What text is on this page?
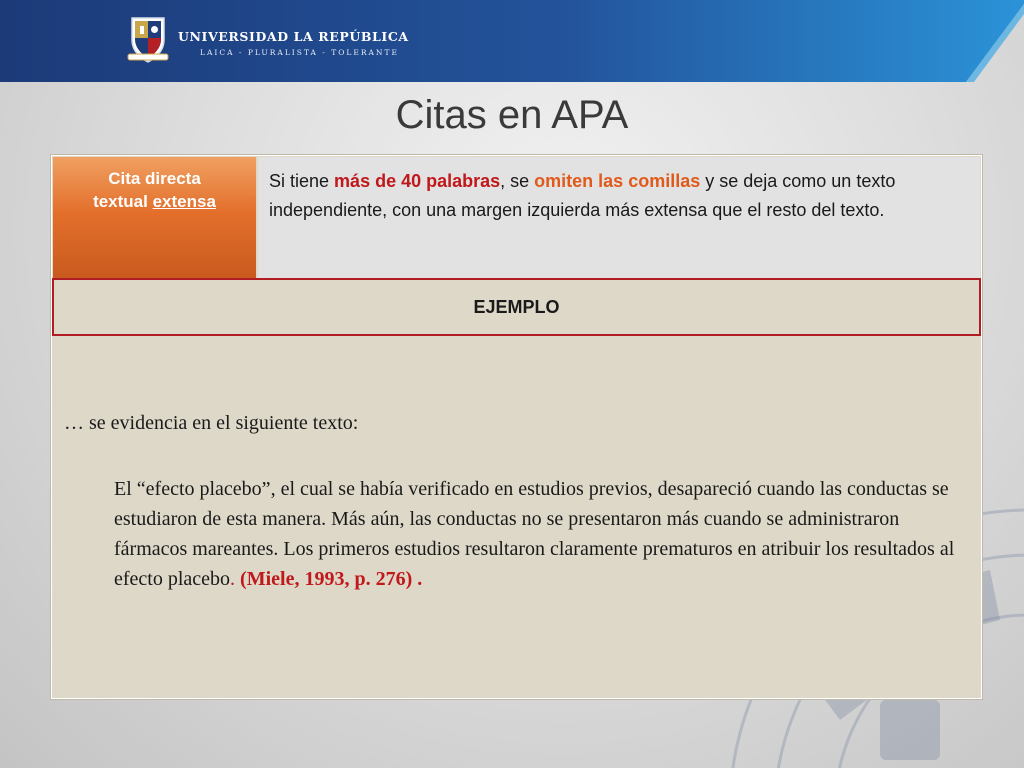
UNIVERSIDAD LA REPÚBLICA
LAICA - PLURALISTA - TOLERANTE
Citas en APA
Cita directa
textual extensa
Si tiene más de 40 palabras, se omiten las comillas y se deja como un texto independiente, con una margen izquierda más extensa que el resto del texto.
EJEMPLO
… se evidencia en el siguiente texto:
El “efecto placebo”, el cual se había verificado en estudios previos, desapareció cuando las conductas se estudiaron de esta manera. Más aún, las conductas no se presentaron más cuando se administraron fármacos mareantes. Los primeros estudios resultaron claramente prematuros en atribuir los resultados al efecto placebo. (Miele, 1993, p. 276) .
